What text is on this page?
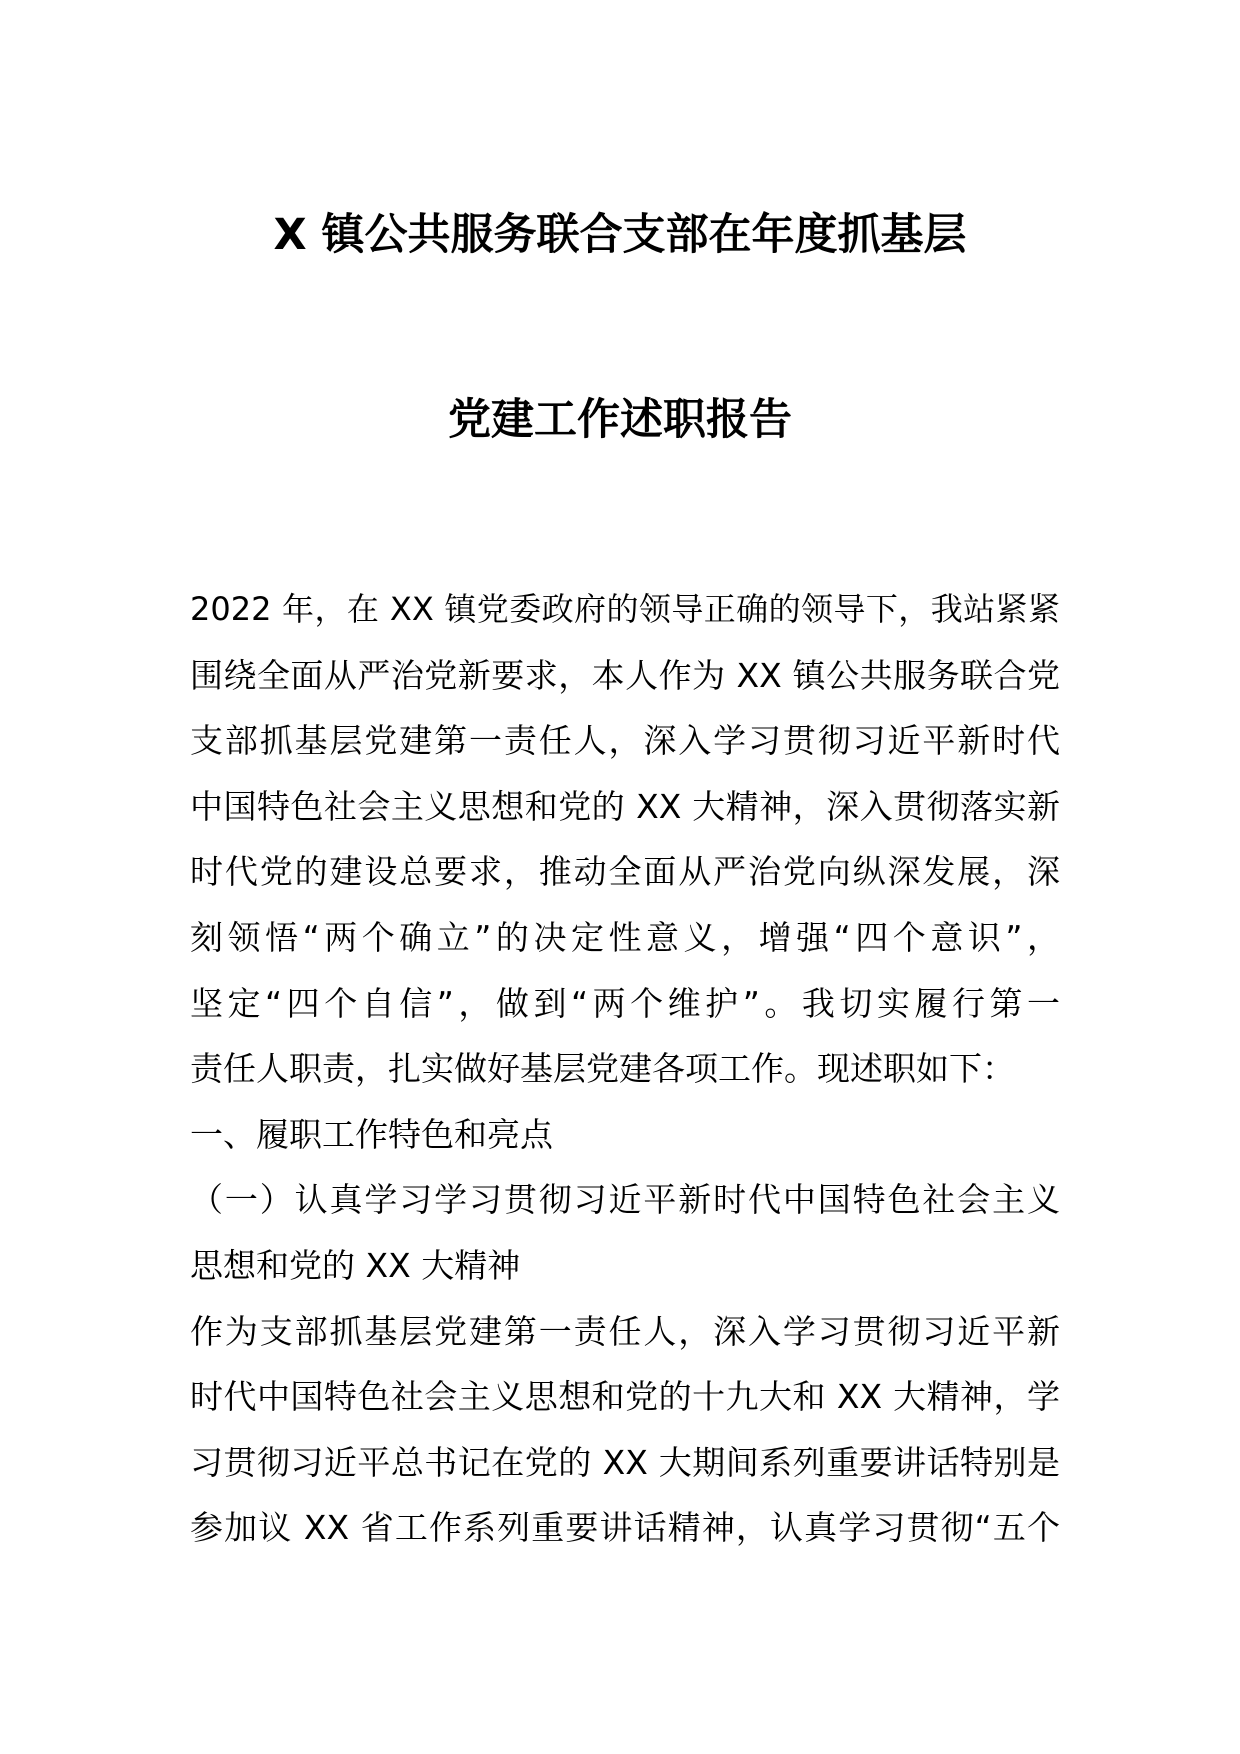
X 镇公共服务联合支部在年度抓基层
党建工作述职报告
2022 年，在 XX 镇党委政府的领导正确的领导下，我站紧紧
围绕全面从严治党新要求，本人作为 XX 镇公共服务联合党
支部抓基层党建第一责任人，深入学习贯彻习近平新时代
中国特色社会主义思想和党的 XX 大精神，深入贯彻落实新
时代党的建设总要求，推动全面从严治党向纵深发展，深
刻领悟“两个确立”的决定性意义，增强“四个意识”，
坚定“四个自信”，做到“两个维护”。我切实履行第一
责任人职责，扎实做好基层党建各项工作。现述职如下：
一、履职工作特色和亮点
（一）认真学习学习贯彻习近平新时代中国特色社会主义
思想和党的 XX 大精神
作为支部抓基层党建第一责任人，深入学习贯彻习近平新
时代中国特色社会主义思想和党的十九大和 XX 大精神，学
习贯彻习近平总书记在党的 XX 大期间系列重要讲话特别是
参加议 XX 省工作系列重要讲话精神，认真学习贯彻“五个
